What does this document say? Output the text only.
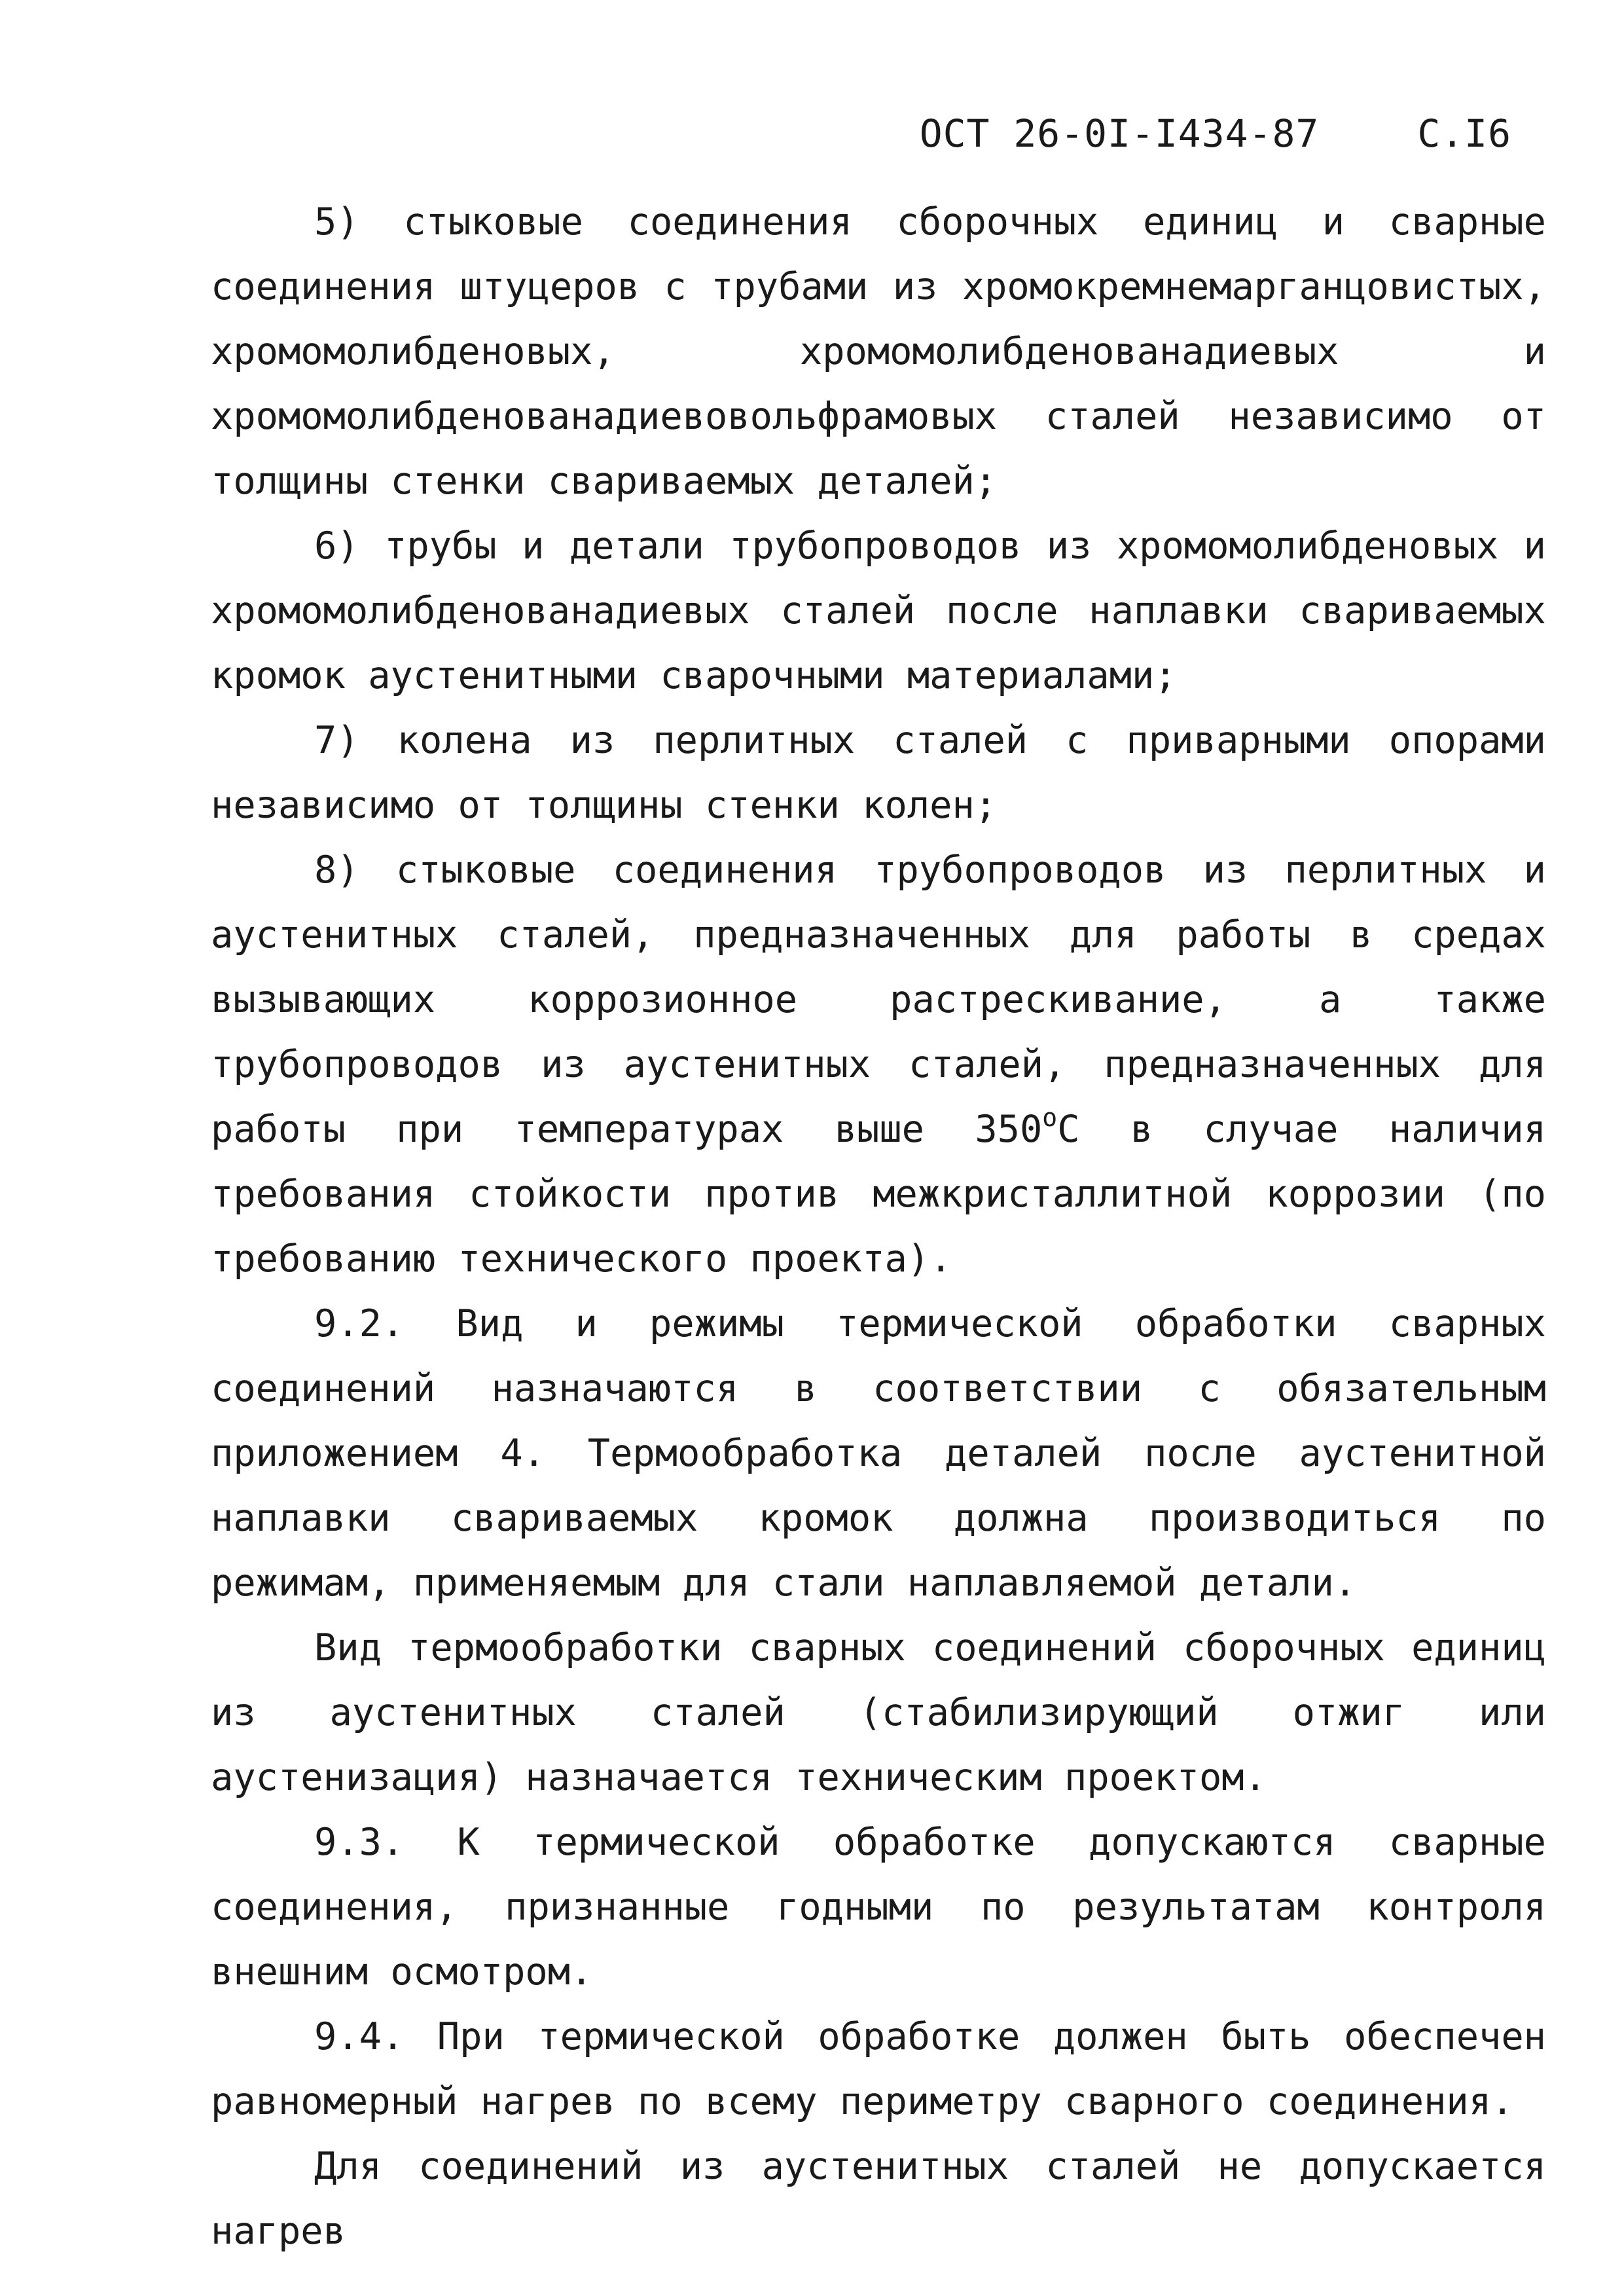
ОСТ 26-0I-I434-87	С.I6

5) стыковые соединения сборочных единиц и сварные соединения штуцеров с трубами из хромокремнемарганцовистых, хромомолибденовых, хромомолибденованадиевых и хромомолибденованадиевовольфрамовых сталей независимо от толщины стенки свариваемых деталей;

6) трубы и детали трубопроводов из хромомолибденовых и хромомолибденованадиевых сталей после наплавки свариваемых кромок аустенитными сварочными материалами;

7) колена из перлитных сталей с приварными опорами независимо от толщины стенки колен;

8) стыковые соединения трубопроводов из перлитных и аустенитных сталей, предназначенных для работы в средах вызывающих коррозионное растрескивание, а также трубопроводов из аустенитных сталей, предназначенных для работы при температурах выше $350^оС$ в случае наличия требования стойкости против межкристаллитной коррозии (по требованию технического проекта).

9.2. Вид и режимы термической обработки сварных соединений назначаются в соответствии с обязательным приложением 4. Термообработка деталей после аустенитной наплавки свариваемых кромок должна производиться по режимам, применяемым для стали наплавляемой детали.

Вид термообработки сварных соединений сборочных единиц из аустенитных сталей (стабилизирующий отжиг или аустенизация) назначается техническим проектом.

9.3. К термической обработке допускаются сварные соединения, признанные годными по результатам контроля внешним осмотром.

9.4. При термической обработке должен быть обеспечен равномерный нагрев по всему периметру сварного соединения.

Для соединений из аустенитных сталей не допускается нагрев
